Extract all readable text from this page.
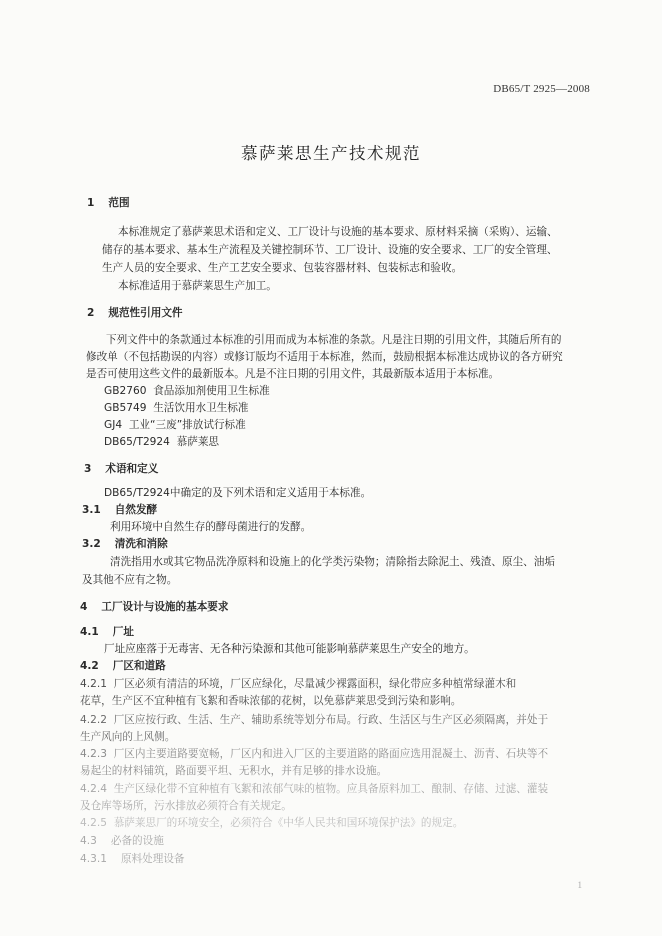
DB65/T 2925—2008
慕萨莱思生产技术规范
1 范围
本标准规定了慕萨莱思术语和定义、工厂设计与设施的基本要求、原材料采摘（采购）、运输、
储存的基本要求、基本生产流程及关键控制环节、工厂设计、设施的安全要求、工厂的安全管理、
生产人员的安全要求、生产工艺安全要求、包装容器材料、包装标志和验收。
本标准适用于慕萨莱思生产加工。
2 规范性引用文件
下列文件中的条款通过本标准的引用而成为本标准的条款。凡是注日期的引用文件，其随后所有的
修改单（不包括勘误的内容）或修订版均不适用于本标准，然而，鼓励根据本标准达成协议的各方研究
是否可使用这些文件的最新版本。凡是不注日期的引用文件，其最新版本适用于本标准。
GB2760 食品添加剂使用卫生标准
GB5749 生活饮用水卫生标准
GJ4 工业“三废”排放试行标准
DB65/T2924 慕萨莱思
3 术语和定义
DB65/T2924中确定的及下列术语和定义适用于本标准。
3.1 自然发酵
利用环境中自然生存的酵母菌进行的发酵。
3.2 清洗和消除
清洗指用水或其它物品洗净原料和设施上的化学类污染物；清除指去除泥土、残渣、原尘、油垢
及其他不应有之物。
4 工厂设计与设施的基本要求
4.1 厂址
厂址应座落于无毒害、无各种污染源和其他可能影响慕萨莱思生产安全的地方。
4.2 厂区和道路
4.2.1 厂区必须有清洁的环境，厂区应绿化，尽量减少裸露面积，绿化带应多种植常绿灌木和
花草，生产区不宜种植有飞絮和香味浓郁的花树，以免慕萨莱思受到污染和影响。
4.2.2 厂区应按行政、生活、生产、辅助系统等划分布局。行政、生活区与生产区必须隔离，并处于
生产风向的上风侧。
4.2.3 厂区内主要道路要宽畅，厂区内和进入厂区的主要道路的路面应选用混凝土、沥青、石块等不
易起尘的材料铺筑，路面要平坦、无积水，并有足够的排水设施。
4.2.4 生产区绿化带不宜种植有飞絮和浓郁气味的植物。应具备原料加工、酿制、存储、过滤、灌装
及仓库等场所，污水排放必须符合有关规定。
4.2.5 慕萨莱思厂的环境安全，必须符合《中华人民共和国环境保护法》的规定。
4.3 必备的设施
4.3.1 原料处理设备
1
